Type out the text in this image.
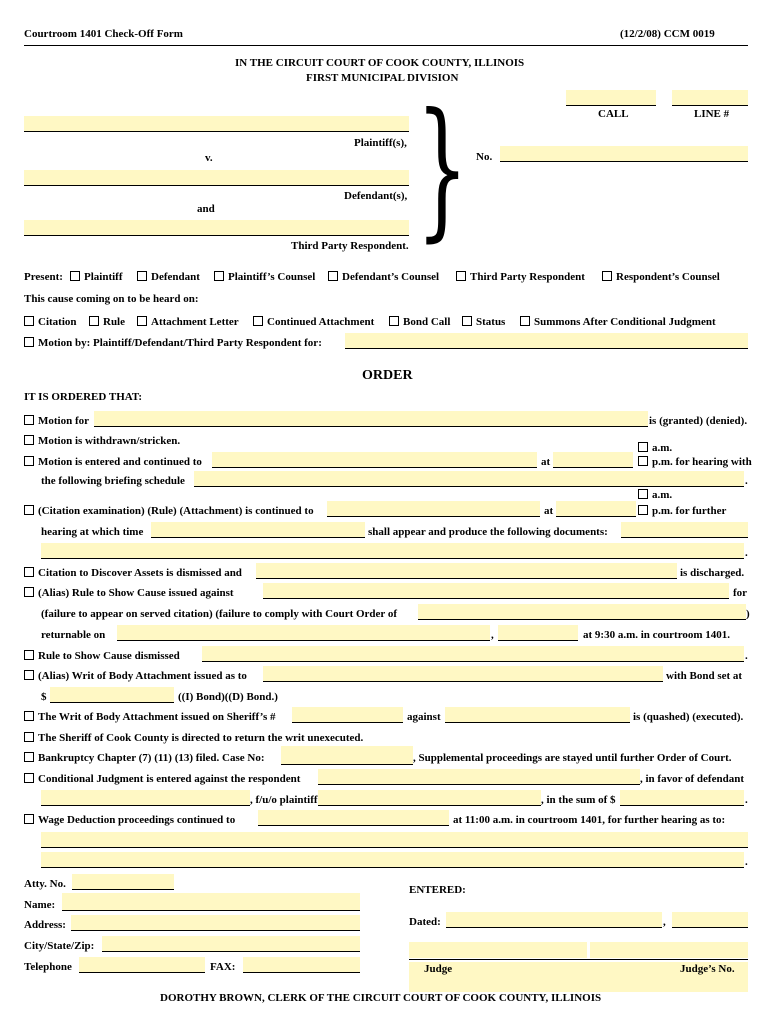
Courtroom 1401 Check-Off Form	(12/2/08) CCM 0019
IN THE CIRCUIT COURT OF COOK COUNTY, ILLINOIS
FIRST MUNICIPAL DIVISION
CALL	LINE #
Plaintiff(s),
v.	No.
Defendant(s),
and
Third Party Respondent. }
Present:	Plaintiff	Defendant	Plaintiff’s Counsel	Defendant’s Counsel	Third Party Respondent	Respondent’s Counsel
This cause coming on to be heard on:
Citation	Rule	Attachment Letter	Continued Attachment	Bond Call	Status	Summons After Conditional Judgment
Motion by: Plaintiff/Defendant/Third Party Respondent for:
ORDER
IT IS ORDERED THAT:
Motion for	is (granted) (denied).
Motion is withdrawn/stricken.
a.m.
Motion is entered and continued to	at	p.m. for hearing with
the following briefing schedule	.
a.m.
(Citation examination) (Rule) (Attachment) is continued to	at	p.m. for further
hearing at which time	shall appear and produce the following documents:
.
Citation to Discover Assets is dismissed and	is discharged.
(Alias) Rule to Show Cause issued against	for
(failure to appear on served citation) (failure to comply with Court Order of	)
returnable on	,	at 9:30 a.m. in courtroom 1401.
Rule to Show Cause dismissed	.
(Alias) Writ of Body Attachment issued as to	with Bond set at
$	((I) Bond)((D) Bond.)
The Writ of Body Attachment issued on Sheriff’s #	against	is (quashed) (executed).
The Sheriff of Cook County is directed to return the writ unexecuted.
Bankruptcy Chapter (7) (11) (13) filed. Case No:	, Supplemental proceedings are stayed until further Order of Court.
Conditional Judgment is entered against the respondent	, in favor of defendant
, f/u/o plaintiff	, in the sum of $	.
Wage Deduction proceedings continued to	at 11:00 a.m. in courtroom 1401, for further hearing as to:
.
Atty. No.
Name:
Address:
City/State/Zip:
Telephone	FAX:
ENTERED:
Dated:	,
Judge	Judge’s No.
DOROTHY BROWN, CLERK OF THE CIRCUIT COURT OF COOK COUNTY, ILLINOIS
